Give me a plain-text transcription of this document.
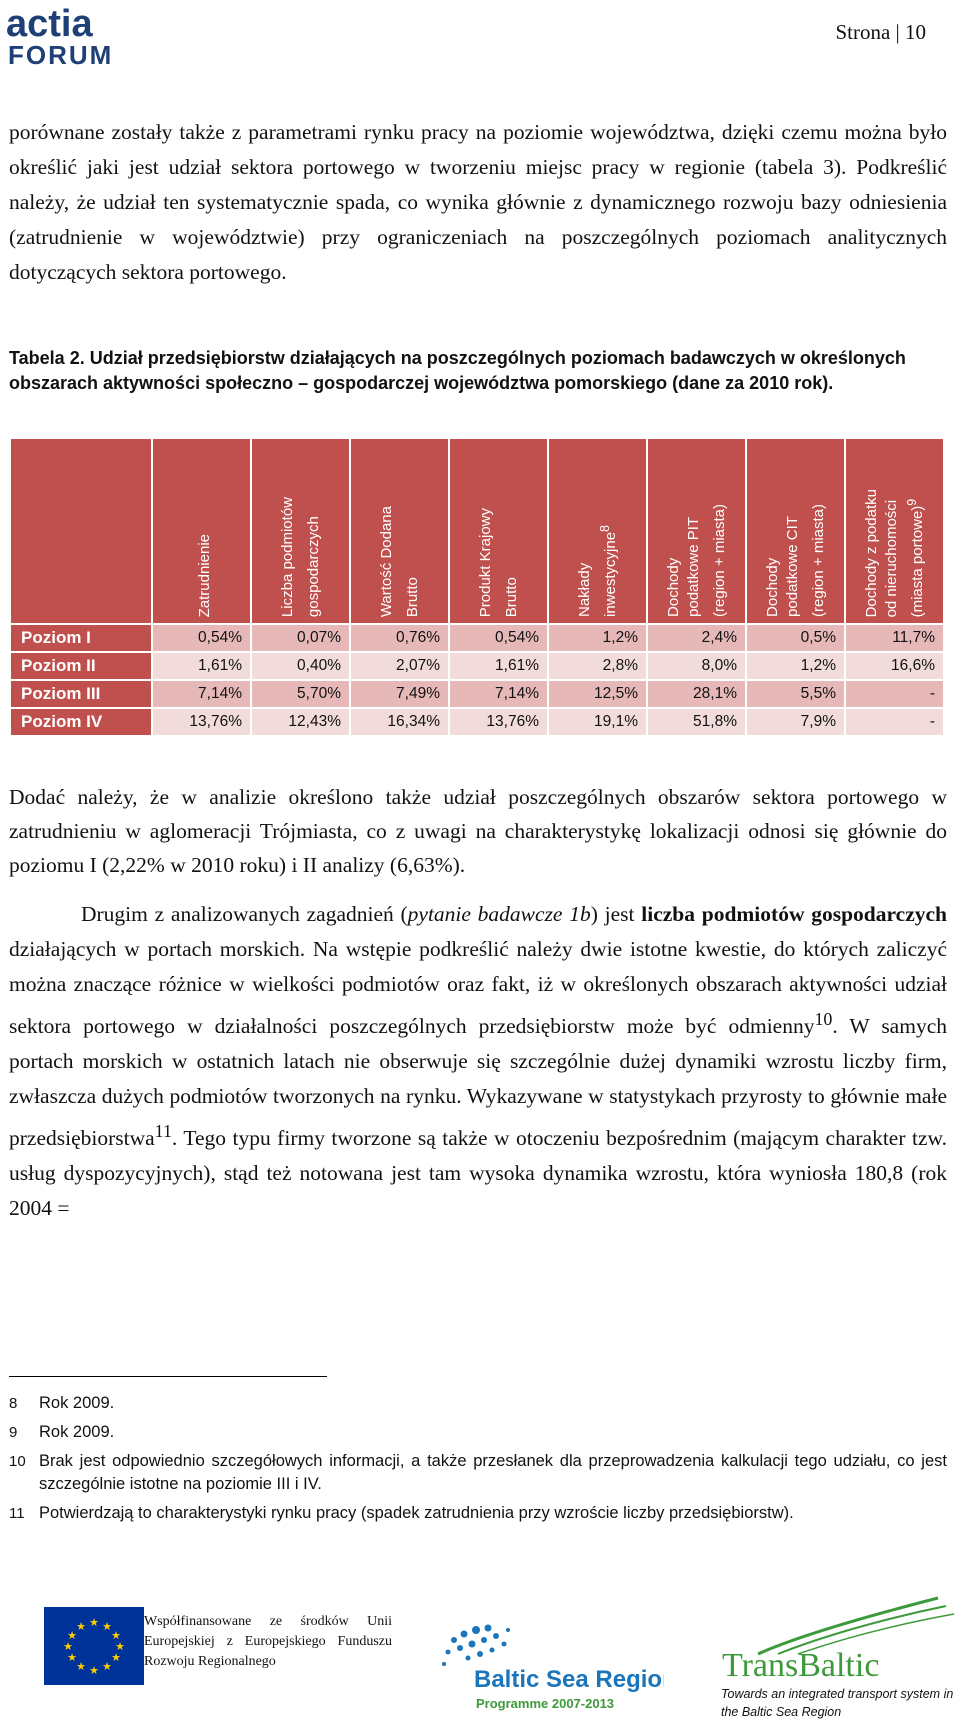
actia
FORUM
Strona | 10

porównane zostały także z parametrami rynku pracy na poziomie województwa, dzięki czemu można było określić jaki jest udział sektora portowego w tworzeniu miejsc pracy w regionie (tabela 3). Podkreślić należy, że udział ten systematycznie spada, co wynika głównie z dynamicznego rozwoju bazy odniesienia (zatrudnienie w województwie) przy ograniczeniach na poszczególnych poziomach analitycznych dotyczących sektora portowego.

Tabela 2. Udział przedsiębiorstw działających na poszczególnych poziomach badawczych w określonych obszarach aktywności społeczno – gospodarczej województwa pomorskiego (dane za 2010 rok).

	Zatrudnienie	Liczba podmiotów
gospodarczych	Wartość Dodana
Brutto	Produkt Krajowy
Brutto	Nakłady
inwestycyjne$^8$	Dochody
podatkowe PIT
(region + miasta)	Dochody
podatkowe CIT
(region + miasta)	Dochody z podatku
od nieruchomości
(miasta portowe)$^9$

Poziom I	0,54%	0,07%	0,76%	0,54%	1,2%	2,4%	0,5%	11,7%
Poziom II	1,61%	0,40%	2,07%	1,61%	2,8%	8,0%	1,2%	16,6%
Poziom III	7,14%	5,70%	7,49%	7,14%	12,5%	28,1%	5,5%	-
Poziom IV	13,76%	12,43%	16,34%	13,76%	19,1%	51,8%	7,9%	-

Dodać należy, że w analizie określono także udział poszczególnych obszarów sektora portowego w zatrudnieniu w aglomeracji Trójmiasta, co z uwagi na charakterystykę lokalizacji odnosi się głównie do poziomu I (2,22% w 2010 roku) i II analizy (6,63%).

Drugim z analizowanych zagadnień (pytanie badawcze 1b) jest liczba podmiotów gospodarczych działających w portach morskich. Na wstępie podkreślić należy dwie istotne kwestie, do których zaliczyć można znaczące różnice w wielkości podmiotów oraz fakt, iż w określonych obszarach aktywności udział sektora portowego w działalności poszczególnych przedsiębiorstw może być odmienny$^{10}$. W samych portach morskich w ostatnich latach nie obserwuje się szczególnie dużej dynamiki wzrostu liczby firm, zwłaszcza dużych podmiotów tworzonych na rynku. Wykazywane w statystykach przyrosty to głównie małe przedsiębiorstwa$^{11}$. Tego typu firmy tworzone są także w otoczeniu bezpośrednim (mającym charakter tzw. usług dyspozycyjnych), stąd też notowana jest tam wysoka dynamika wzrostu, która wyniosła 180,8 (rok 2004 =

8	Rok 2009.
9	Rok 2009.
10 Brak jest odpowiednio szczegółowych informacji, a także przesłanek dla przeprowadzenia kalkulacji tego udziału, co jest szczególnie istotne na poziomie III i IV.
11 Potwierdzają to charakterystyki rynku pracy (spadek zatrudnienia przy wzroście liczby przedsiębiorstw).
★ ★
★
★
★
★
★
★
★
★
★
★	Współfinansowane ze środków Unii Europejskiej z Europejskiego Funduszu Rozwoju Regionalnego
Baltic Sea Region
Programme 2007-2013
TransBaltic
Towards an integrated transport system in the Baltic Sea Region
